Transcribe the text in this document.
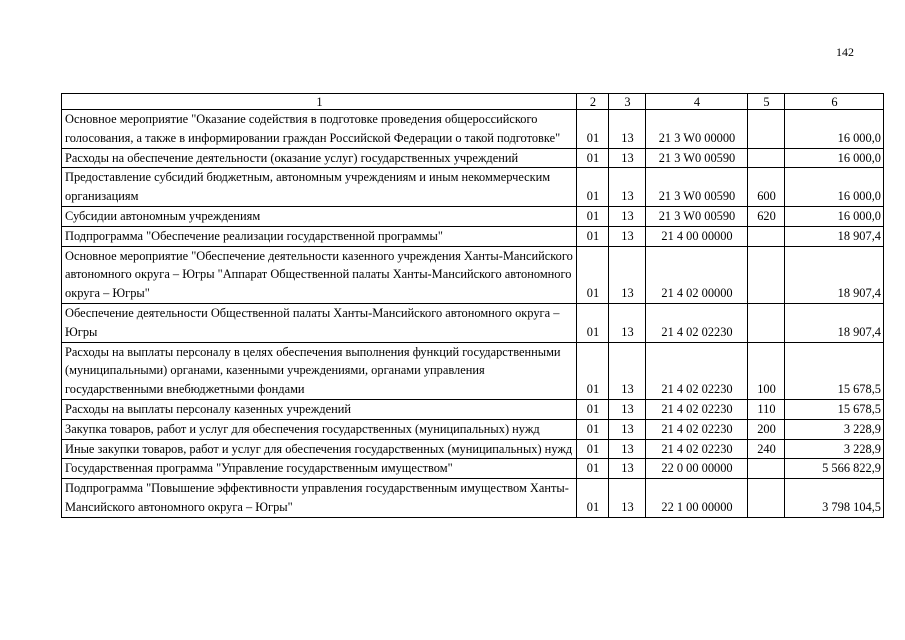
142
1	2	3	4	5	6
Основное мероприятие "Оказание содействия в подготовке проведения общероссийского голосования, а также в информировании граждан Российской Федерации о такой подготовке"	01	13	21 3 W0 00000		16 000,0
Расходы на обеспечение деятельности (оказание услуг) государственных учреждений	01	13	21 3 W0 00590		16 000,0
Предоставление субсидий бюджетным, автономным учреждениям и иным некоммерческим организациям	01	13	21 3 W0 00590	600	16 000,0
Субсидии автономным учреждениям	01	13	21 3 W0 00590	620	16 000,0
Подпрограмма "Обеспечение реализации государственной программы"	01	13	21 4 00 00000		18 907,4
Основное мероприятие "Обеспечение деятельности казенного учреждения Ханты-Мансийского автономного округа – Югры "Аппарат Общественной палаты Ханты-Мансийского автономного округа – Югры"	01	13	21 4 02 00000		18 907,4
Обеспечение деятельности Общественной палаты Ханты-Мансийского автономного округа – Югры	01	13	21 4 02 02230		18 907,4
Расходы на выплаты персоналу в целях обеспечения выполнения функций государственными (муниципальными) органами, казенными учреждениями, органами управления государственными внебюджетными фондами	01	13	21 4 02 02230	100	15 678,5
Расходы на выплаты персоналу казенных учреждений	01	13	21 4 02 02230	110	15 678,5
Закупка товаров, работ и услуг для обеспечения государственных (муниципальных) нужд	01	13	21 4 02 02230	200	3 228,9
Иные закупки товаров, работ и услуг для обеспечения государственных (муниципальных) нужд	01	13	21 4 02 02230	240	3 228,9
Государственная программа "Управление государственным имуществом"	01	13	22 0 00 00000		5 566 822,9
Подпрограмма "Повышение эффективности управления государственным имуществом Ханты-Мансийского автономного округа – Югры"	01	13	22 1 00 00000		3 798 104,5
